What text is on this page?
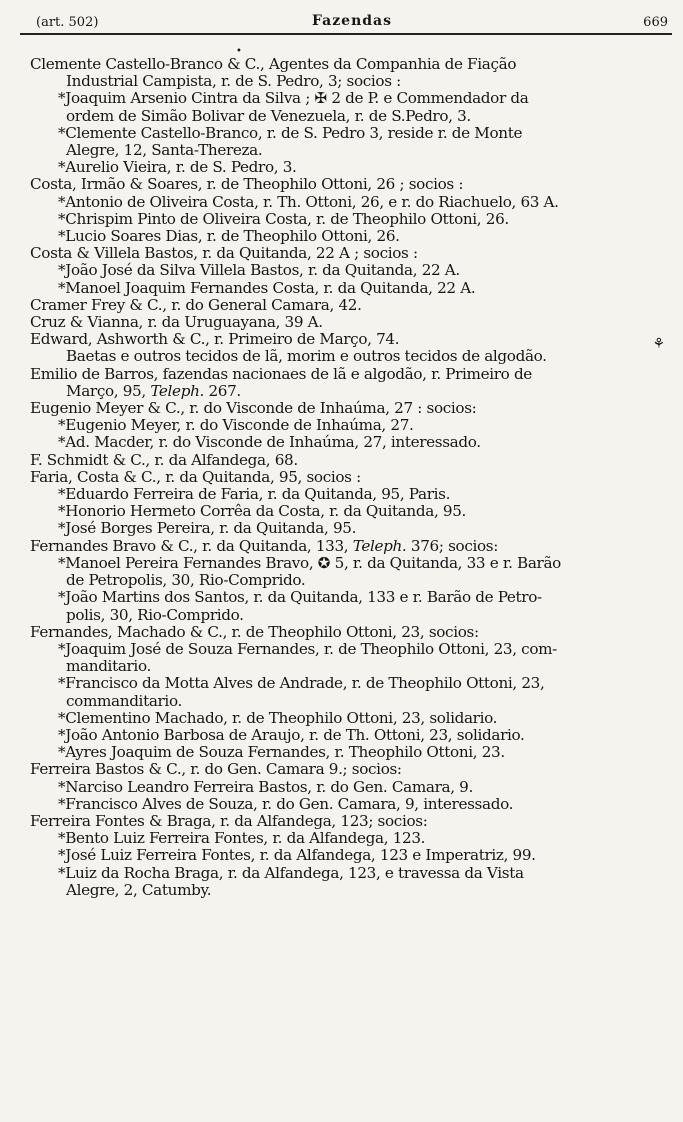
(art. 502)	Fazendas	669
•
⚘
Clemente Castello-Branco & C., Agentes da Companhia de Fiação
Industrial Campista, r. de S. Pedro, 3; socios :
*Joaquim Arsenio Cintra da Silva ; ✠ 2 de P. e Commendador da
ordem de Simão Bolivar de Venezuela, r. de S.Pedro, 3.
*Clemente Castello-Branco, r. de S. Pedro 3, reside r. de Monte
Alegre, 12, Santa-Thereza.
*Aurelio Vieira, r. de S. Pedro, 3.
Costa, Irmão & Soares, r. de Theophilo Ottoni, 26 ; socios :
*Antonio de Oliveira Costa, r. Th. Ottoni, 26, e r. do Riachuelo, 63 A.
*Chrispim Pinto de Oliveira Costa, r. de Theophilo Ottoni, 26.
*Lucio Soares Dias, r. de Theophilo Ottoni, 26.
Costa & Villela Bastos, r. da Quitanda, 22 A ; socios :
*João José da Silva Villela Bastos, r. da Quitanda, 22 A.
*Manoel Joaquim Fernandes Costa, r. da Quitanda, 22 A.
Cramer Frey & C., r. do General Camara, 42.
Cruz & Vianna, r. da Uruguayana, 39 A.
Edward, Ashworth & C., r. Primeiro de Março, 74.
Baetas e outros tecidos de lã, morim e outros tecidos de algodão.
Emilio de Barros, fazendas nacionaes de lã e algodão, r. Primeiro de
Março, 95, Teleph. 267.
Eugenio Meyer & C., r. do Visconde de Inhaúma, 27 : socios:
*Eugenio Meyer, r. do Visconde de Inhaúma, 27.
*Ad. Macder, r. do Visconde de Inhaúma, 27, interessado.
F. Schmidt & C., r. da Alfandega, 68.
Faria, Costa & C., r. da Quitanda, 95, socios :
*Eduardo Ferreira de Faria, r. da Quitanda, 95, Paris.
*Honorio Hermeto Corrêa da Costa, r. da Quitanda, 95.
*José Borges Pereira, r. da Quitanda, 95.
Fernandes Bravo & C., r. da Quitanda, 133, Teleph. 376; socios:
*Manoel Pereira Fernandes Bravo, ✪ 5, r. da Quitanda, 33 e r. Barão
de Petropolis, 30, Rio-Comprido.
*João Martins dos Santos, r. da Quitanda, 133 e r. Barão de Petro-
polis, 30, Rio-Comprido.
Fernandes, Machado & C., r. de Theophilo Ottoni, 23, socios:
*Joaquim José de Souza Fernandes, r. de Theophilo Ottoni, 23, com-
manditario.
*Francisco da Motta Alves de Andrade, r. de Theophilo Ottoni, 23,
commanditario.
*Clementino Machado, r. de Theophilo Ottoni, 23, solidario.
*João Antonio Barbosa de Araujo, r. de Th. Ottoni, 23, solidario.
*Ayres Joaquim de Souza Fernandes, r. Theophilo Ottoni, 23.
Ferreira Bastos & C., r. do Gen. Camara 9.; socios:
*Narciso Leandro Ferreira Bastos, r. do Gen. Camara, 9.
*Francisco Alves de Souza, r. do Gen. Camara, 9, interessado.
Ferreira Fontes & Braga, r. da Alfandega, 123; socios:
*Bento Luiz Ferreira Fontes, r. da Alfandega, 123.
*José Luiz Ferreira Fontes, r. da Alfandega, 123 e Imperatriz, 99.
*Luiz da Rocha Braga, r. da Alfandega, 123, e travessa da Vista
Alegre, 2, Catumby.
